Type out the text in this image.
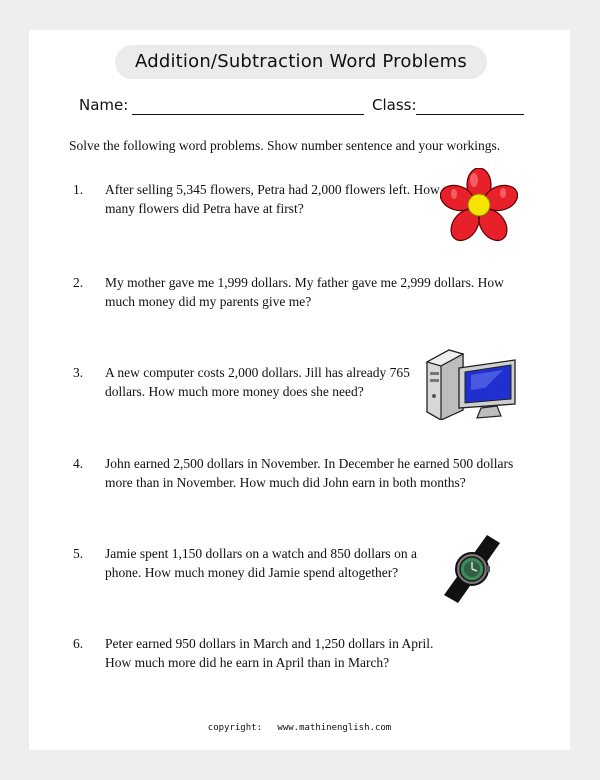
Addition/Subtraction Word Problems
Name:	Class:
Solve the following word problems. Show number sentence and your workings.
1. After selling 5,345 flowers, Petra had 2,000 flowers left. How many flowers did Petra have at first?
2. My mother gave me 1,999 dollars. My father gave me 2,999 dollars. How much money did my parents give me?
3. A new computer costs 2,000 dollars. Jill has already 765 dollars. How much more money does she need?
4. John earned 2,500 dollars in November. In December he earned 500 dollars more than in November. How much did John earn in both months?
5. Jamie spent 1,150 dollars on a watch and 850 dollars on a phone. How much money did Jamie spend altogether?
6. Peter earned 950 dollars in March and 1,250 dollars in April. How much more did he earn in April than in March?
copyright: www.mathinenglish.com
